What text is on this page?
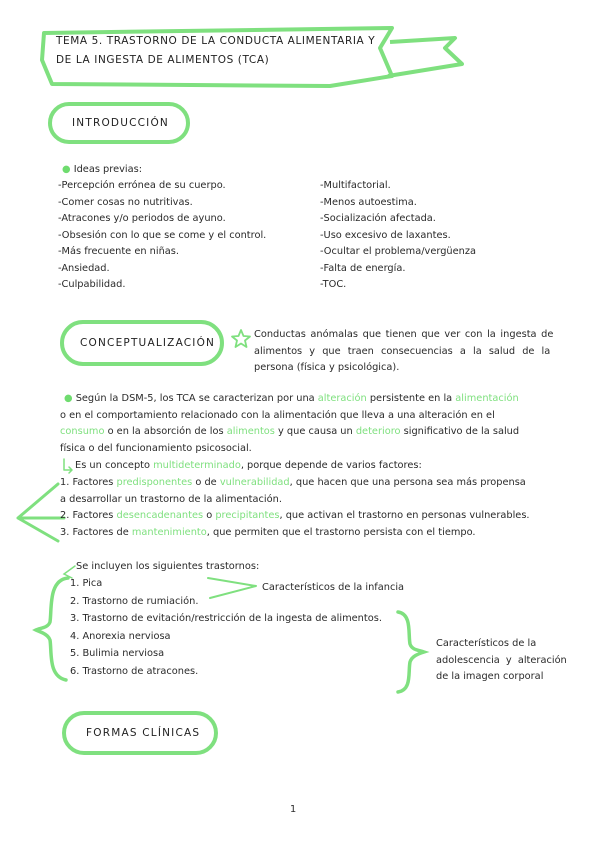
TEMA 5. TRASTORNO DE LA CONDUCTA ALIMENTARIA Y
DE LA INGESTA DE ALIMENTOS (TCA)
INTRODUCCIÓN
● Ideas previas:
-Percepción errónea de su cuerpo.
-Comer cosas no nutritivas.
-Atracones y/o periodos de ayuno.
-Obsesión con lo que se come y el control.
-Más frecuente en niñas.
-Ansiedad.
-Culpabilidad.
-Multifactorial.
-Menos autoestima.
-Socialización afectada.
-Uso excesivo de laxantes.
-Ocultar el problema/vergüenza
-Falta de energía.
-TOC.
CONCEPTUALIZACIÓN
Conductas anómalas que tienen que ver con la ingesta de
alimentos y que traen consecuencias a la salud de la
persona (física y psicológica).
● Según la DSM-5, los TCA se caracterizan por una alteración persistente en la alimentación
o en el comportamiento relacionado con la alimentación que lleva a una alteración en el
consumo o en la absorción de los alimentos y que causa un deterioro significativo de la salud
física o del funcionamiento psicosocial.
Es un concepto multideterminado, porque depende de varios factores:
1. Factores predisponentes o de vulnerabilidad, que hacen que una persona sea más propensa
a desarrollar un trastorno de la alimentación.
2. Factores desencadenantes o precipitantes, que activan el trastorno en personas vulnerables.
3. Factores de mantenimiento, que permiten que el trastorno persista con el tiempo.
Se incluyen los siguientes trastornos:
1. Pica
2. Trastorno de rumiación.
3. Trastorno de evitación/restricción de la ingesta de alimentos.
4. Anorexia nerviosa
5. Bulimia nerviosa
6. Trastorno de atracones.
Característicos de la infancia
Característicos de la
adolescencia y alteración
de la imagen corporal
FORMAS CLÍNICAS
1
